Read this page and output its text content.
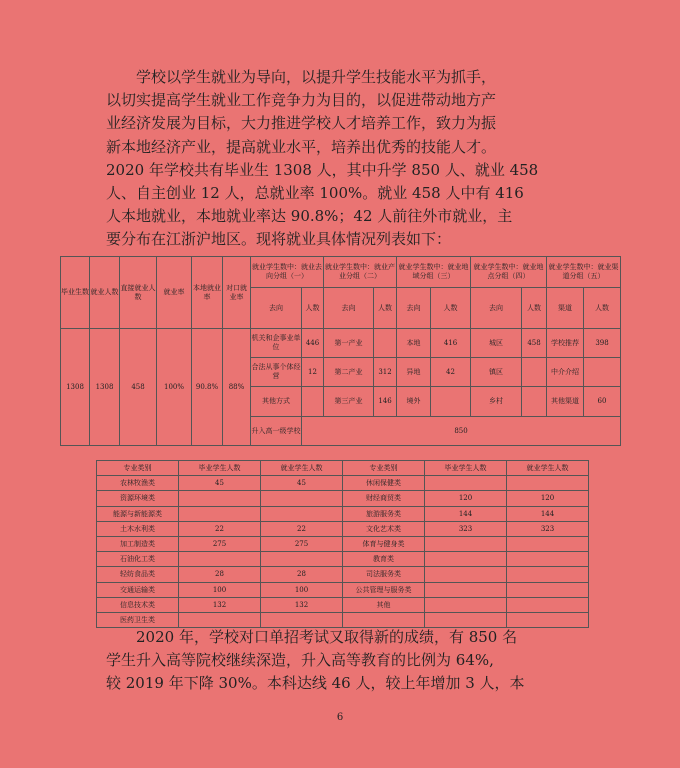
学校以学生就业为导向，以提升学生技能水平为抓手，
以切实提高学生就业工作竞争力为目的，以促进带动地方产
业经济发展为目标，大力推进学校人才培养工作，致力为振
新本地经济产业，提高就业水平，培养出优秀的技能人才。
2020 年学校共有毕业生 1308 人，其中升学 850 人、就业 458
人、自主创业 12 人，总就业率 100%。就业 458 人中有 416
人本地就业，本地就业率达 90.8%；42 人前往外市就业，主
要分布在江浙沪地区。现将就业具体情况列表如下：
毕业生数	就业人数	直接就业人数	就业率	本地就业率	对口就业率	就业学生数中：就业去向分组（一）		就业学生数中：就业产业分组（二）		就业学生数中：就业地域分组（三）		就业学生数中：就业地点分组（四）		就业学生数中：就业渠道分组（五）	
						去向	人数	去向	人数	去向	人数	去向	人数	渠道	人数
1308	1308	458	100%	90.8%	88%	机关和企事业单位	446	第一产业		本地	416	城区	458	学校推荐	398
						合法从事个体经营	12	第二产业	312	异地	42	镇区		中介介绍	
						其他方式		第三产业	146	境外		乡村		其他渠道	60
						升入高一级学校	850								
专业类别	毕业学生人数	就业学生人数	专业类别	毕业学生人数	就业学生人数
农林牧渔类	45	45	休闲保健类		
资源环境类			财经商贸类	120	120
能源与新能源类			旅游服务类	144	144
土木水利类	22	22	文化艺术类	323	323
加工制造类	275	275	体育与健身类		
石油化工类			教育类		
轻纺食品类	28	28	司法服务类		
交通运输类	100	100	公共管理与服务类		
信息技术类	132	132	其他		
医药卫生类					
2020 年，学校对口单招考试又取得新的成绩，有 850 名
学生升入高等院校继续深造，升入高等教育的比例为 64%,
较 2019 年下降 30%。本科达线 46 人，较上年增加 3 人，本
6
